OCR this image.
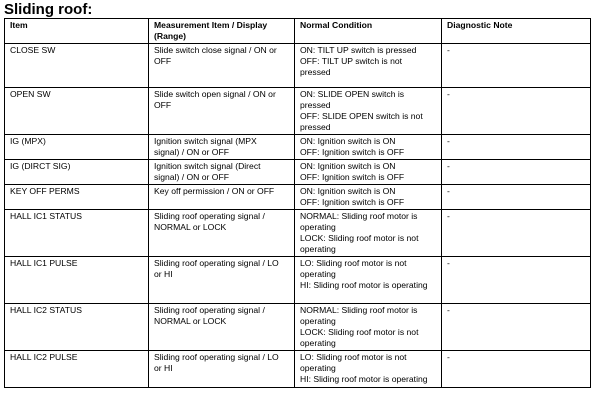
Sliding roof:
Item	Measurement Item / Display
(Range)	Normal Condition	Diagnostic Note
CLOSE SW	Slide switch close signal / ON or
OFF	ON: TILT UP switch is pressed
OFF: TILT UP switch is not
pressed	-
OPEN SW	Slide switch open signal / ON or
OFF	ON: SLIDE OPEN switch is
pressed
OFF: SLIDE OPEN switch is not
pressed	-
IG (MPX)	Ignition switch signal (MPX
signal) / ON or OFF	ON: Ignition switch is ON
OFF: Ignition switch is OFF	-
IG (DIRCT SIG)	Ignition switch signal (Direct
signal) / ON or OFF	ON: Ignition switch is ON
OFF: Ignition switch is OFF	-
KEY OFF PERMS	Key off permission / ON or OFF	ON: Ignition switch is ON
OFF: Ignition switch is OFF	-
HALL IC1 STATUS	Sliding roof operating signal /
NORMAL or LOCK	NORMAL: Sliding roof motor is
operating
LOCK: Sliding roof motor is not
operating	-
HALL IC1 PULSE	Sliding roof operating signal / LO
or HI	LO: Sliding roof motor is not
operating
HI: Sliding roof motor is operating	-
HALL IC2 STATUS	Sliding roof operating signal /
NORMAL or LOCK	NORMAL: Sliding roof motor is
operating
LOCK: Sliding roof motor is not
operating	-
HALL IC2 PULSE	Sliding roof operating signal / LO
or HI	LO: Sliding roof motor is not
operating
HI: Sliding roof motor is operating	-
